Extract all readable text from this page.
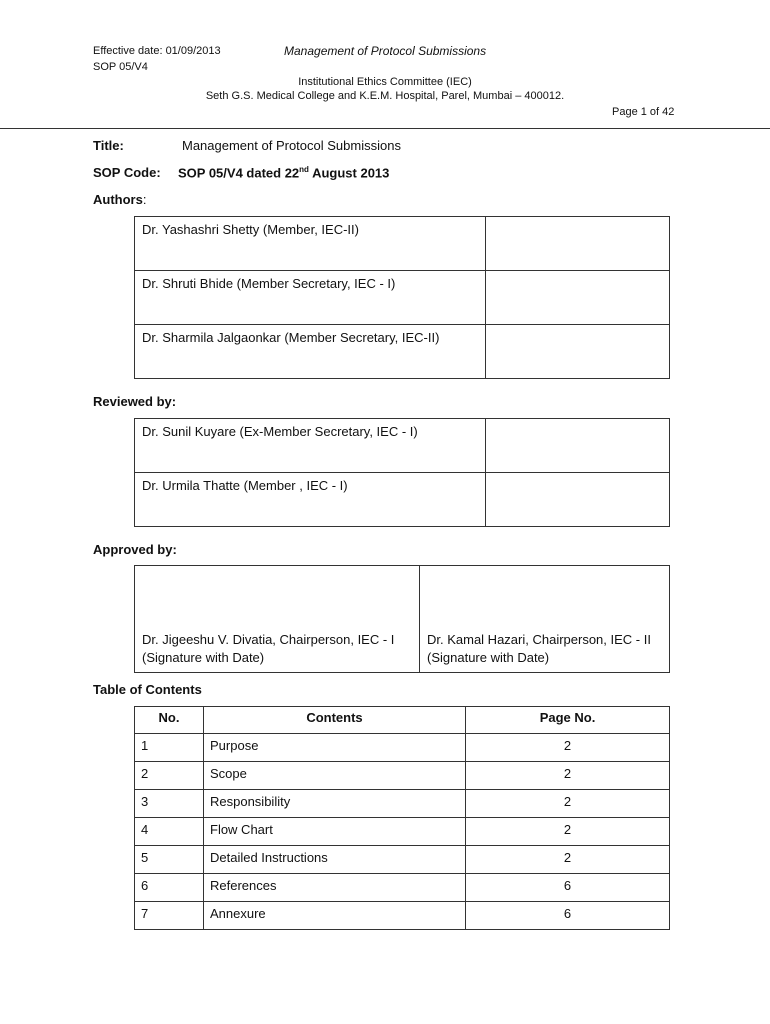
Effective date: 01/09/2013	Management of Protocol Submissions
SOP 05/V4
Institutional Ethics Committee (IEC)
Seth G.S. Medical College and K.E.M. Hospital, Parel, Mumbai – 400012.
Page 1 of 42
Title:	Management of Protocol Submissions
SOP Code: SOP 05/V4 dated 22nd August 2013
Authors:
Dr. Yashashri Shetty (Member, IEC-II)	
Dr. Shruti Bhide (Member Secretary, IEC - I)	
Dr. Sharmila Jalgaonkar (Member Secretary, IEC-II)	
Reviewed by:
Dr. Sunil Kuyare (Ex-Member Secretary, IEC - I)	
Dr. Urmila Thatte (Member , IEC - I)	
Approved by:
Dr. Jigeeshu V. Divatia, Chairperson, IEC - I
(Signature with Date)

Dr. Kamal Hazari, Chairperson, IEC - II
(Signature with Date)
Table of Contents
No.	Contents	Page No.
1	Purpose	2
2	Scope	2
3	Responsibility	2
4	Flow Chart	2
5	Detailed Instructions	2
6	References	6
7	Annexure	6
